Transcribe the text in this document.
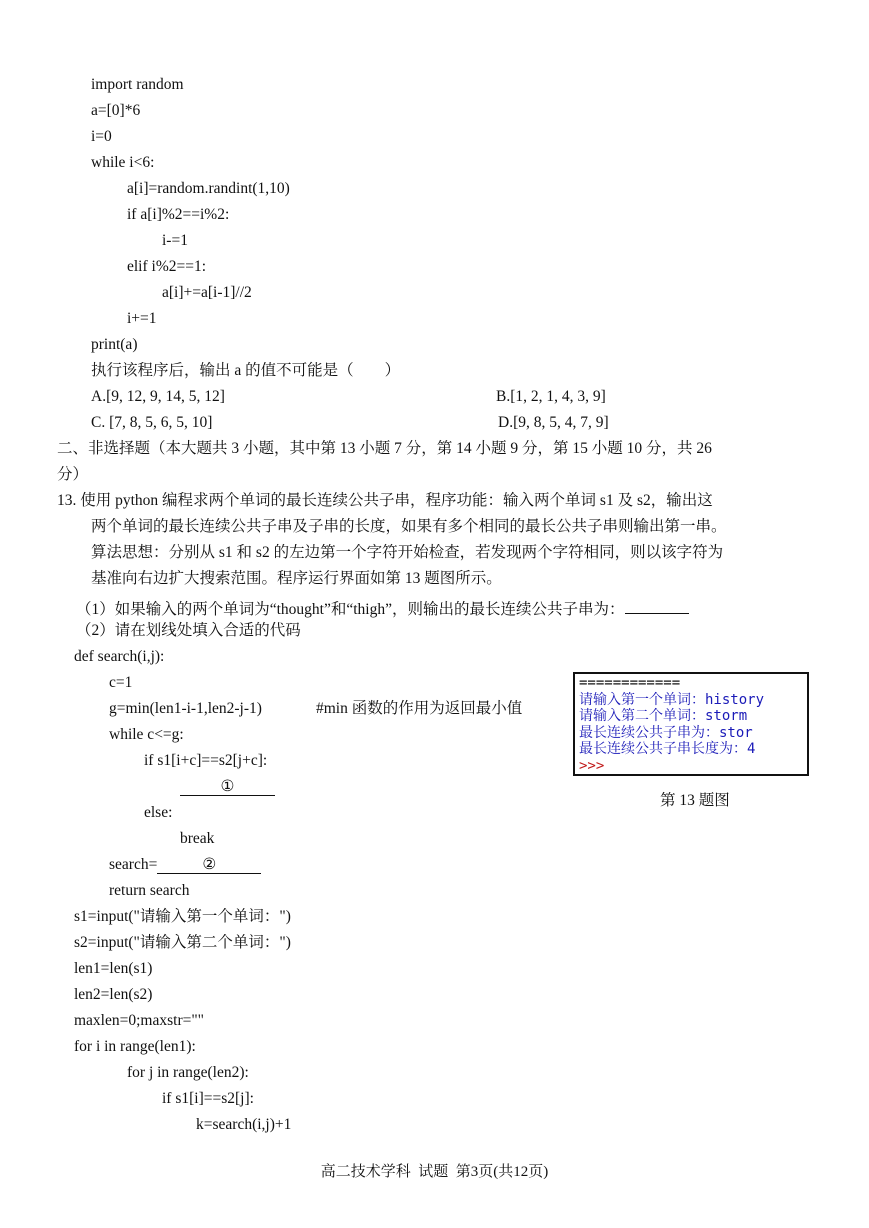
import random
a=[0]*6
i=0
while i<6:
a[i]=random.randint(1,10)
if a[i]%2==i%2:
i-=1
elif i%2==1:
a[i]+=a[i-1]//2
i+=1
print(a)
执行该程序后，输出 a 的值不可能是（　　）
A.[9, 12, 9, 14, 5, 12]	B.[1, 2, 1, 4, 3, 9]
C. [7, 8, 5, 6, 5, 10]	D.[9, 8, 5, 4, 7, 9]
二、非选择题（本大题共 3 小题，其中第 13 小题 7 分，第 14 小题 9 分，第 15 小题 10 分，共 26
分）
13. 使用 python 编程求两个单词的最长连续公共子串，程序功能：输入两个单词 s1 及 s2，输出这
两个单词的最长连续公共子串及子串的长度，如果有多个相同的最长公共子串则输出第一串。
算法思想：分别从 s1 和 s2 的左边第一个字符开始检查，若发现两个字符相同，则以该字符为
基准向右边扩大搜索范围。程序运行界面如第 13 题图所示。
（1）如果输入的两个单词为“thought”和“thigh”，则输出的最长连续公共子串为：
（2）请在划线处填入合适的代码
def search(i,j):
c=1
g=min(len1-i-1,len2-j-1)	#min 函数的作用为返回最小值
while c<=g:
if s1[i+c]==s2[j+c]:
①
else:
break
search=	②
return search
s1=input("请输入第一个单词：")
s2=input("请输入第二个单词：")
len1=len(s1)
len2=len(s2)
maxlen=0;maxstr=""
for i in range(len1):
for j in range(len2):
if s1[i]==s2[j]:
k=search(i,j)+1
============
请输入第一个单词：history
请输入第二个单词：storm
最长连续公共子串为：stor
最长连续公共子串长度为：4
>>>
第 13 题图
高二技术学科  试题  第3页(共12页)
